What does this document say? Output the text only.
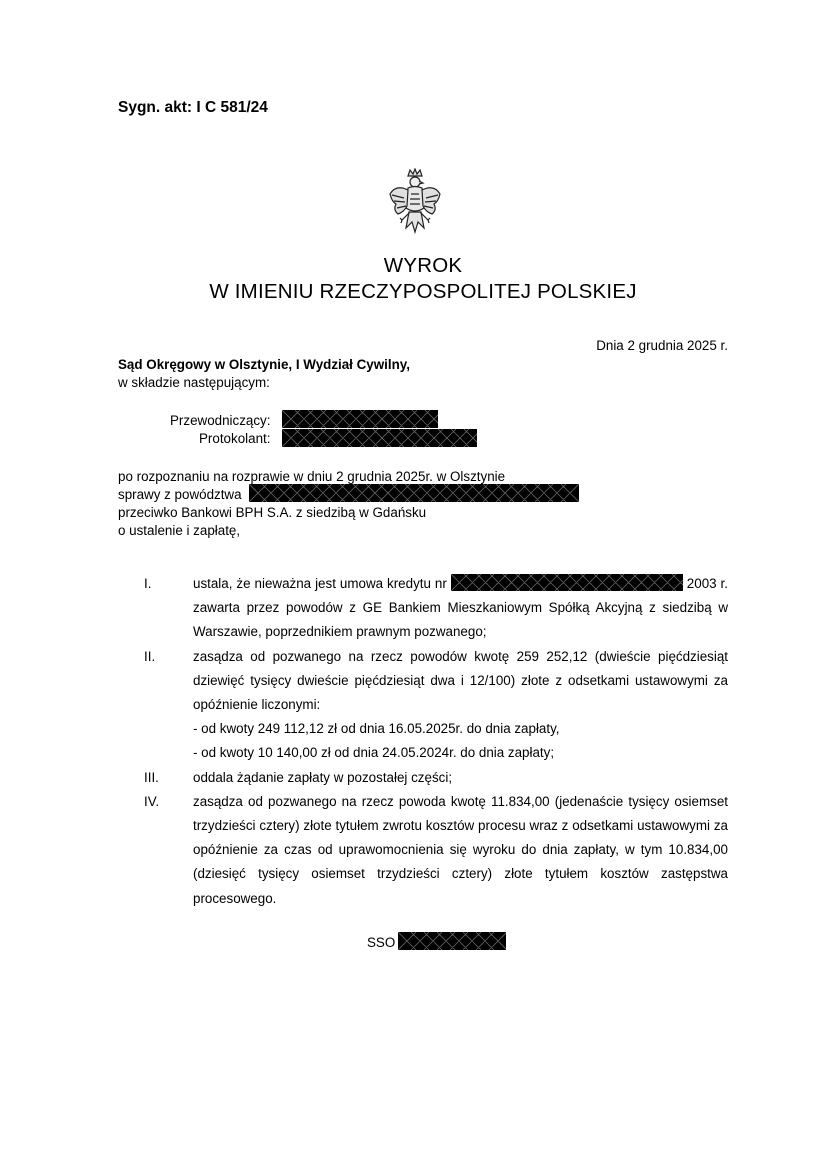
Sygn. akt: I C 581/24
WYROK
W IMIENIU RZECZYPOSPOLITEJ POLSKIEJ
Dnia 2 grudnia 2025 r.
Sąd Okręgowy w Olsztynie, I Wydział Cywilny,
w składzie następującym:
Przewodniczący:
Protokolant:
po rozpoznaniu na rozprawie w dniu 2 grudnia 2025r. w Olsztynie
sprawy z powództwa
przeciwko Bankowi BPH S.A. z siedzibą w Gdańsku
o ustalenie i zapłatę,
I.	ustala, że nieważna jest umowa kredytu nr	2003 r. zawarta przez powodów z GE Bankiem Mieszkaniowym Spółką Akcyjną z siedzibą w Warszawie, poprzednikiem prawnym pozwanego;
II.	zasądza od pozwanego na rzecz powodów kwotę 259 252,12 (dwieście pięćdziesiąt dziewięć tysięcy dwieście pięćdziesiąt dwa i 12/100) złote z odsetkami ustawowymi za opóźnienie liczonymi:
- od kwoty 249 112,12 zł od dnia 16.05.2025r. do dnia zapłaty,
- od kwoty 10 140,00 zł od dnia 24.05.2024r. do dnia zapłaty;
III.	oddala żądanie zapłaty w pozostałej części;
IV.	zasądza od pozwanego na rzecz powoda kwotę 11.834,00 (jedenaście tysięcy osiemset trzydzieści cztery) złote tytułem zwrotu kosztów procesu wraz z odsetkami ustawowymi za opóźnienie za czas od uprawomocnienia się wyroku do dnia zapłaty, w tym 10.834,00 (dziesięć tysięcy osiemset trzydzieści cztery) złote tytułem kosztów zastępstwa procesowego.
SSO
